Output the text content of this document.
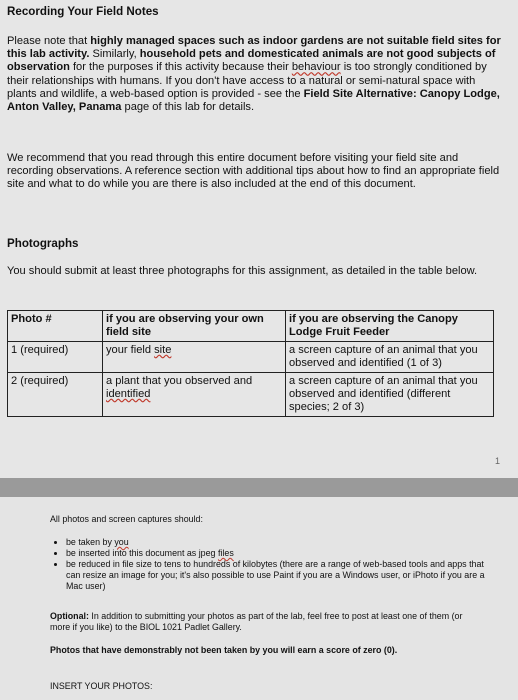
Recording Your Field Notes

Please note that highly managed spaces such as indoor gardens are not suitable field sites for this lab activity. Similarly, household pets and domesticated animals are not good subjects of observation for the purposes if this activity because their behaviour is too strongly conditioned by their relationships with humans. If you don't have access to a natural or semi-natural space with plants and wildlife, a web-based option is provided - see the Field Site Alternative: Canopy Lodge, Anton Valley, Panama page of this lab for details.

We recommend that you read through this entire document before visiting your field site and recording observations. A reference section with additional tips about how to find an appropriate field site and what to do while you are there is also included at the end of this document.

Photographs

You should submit at least three photographs for this assignment, as detailed in the table below.

Photo #	if you are observing your own field site	if you are observing the Canopy Lodge Fruit Feeder
1 (required)	your field site	a screen capture of an animal that you observed and identified (1 of 3)
2 (required)	a plant that you observed and identified	a screen capture of an animal that you observed and identified (different species; 2 of 3)
1

All photos and screen captures should:

• be taken by you
• be inserted into this document as jpeg files
• be reduced in file size to tens to hundreds of kilobytes (there are a range of web-based tools and apps that can resize an image for you; it's also possible to use Paint if you are a Windows user, or iPhoto if you are a Mac user)

Optional: In addition to submitting your photos as part of the lab, feel free to post at least one of them (or more if you like) to the BIOL 1021 Padlet Gallery.

Photos that have demonstrably not been taken by you will earn a score of zero (0).

INSERT YOUR PHOTOS:
